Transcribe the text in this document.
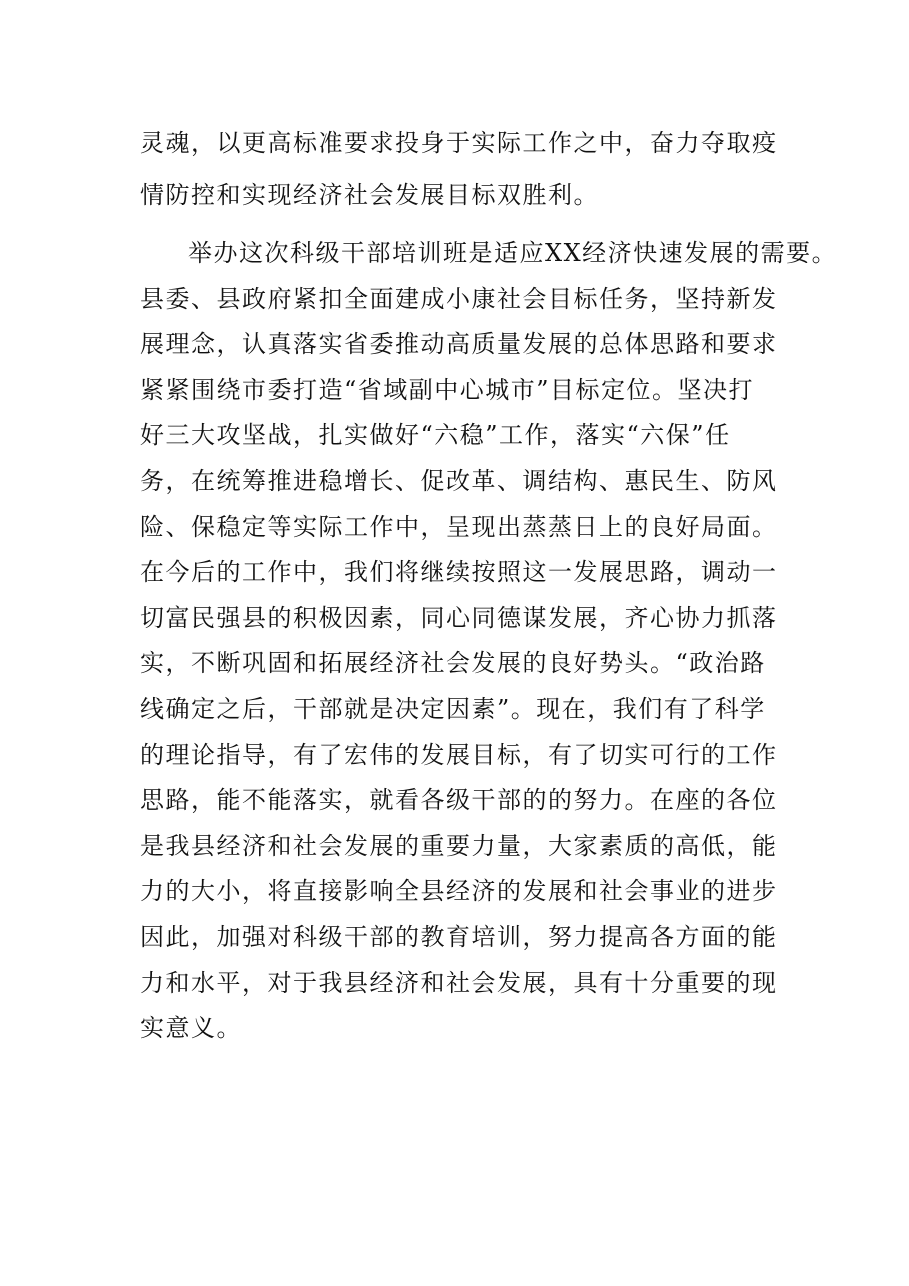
灵魂，以更高标准要求投身于实际工作之中，奋力夺取疫
情防控和实现经济社会发展目标双胜利。
举办这次科级干部培训班是适应XX经济快速发展的需要。
县委、县政府紧扣全面建成小康社会目标任务，坚持新发
展理念，认真落实省委推动高质量发展的总体思路和要求
紧紧围绕市委打造“省域副中心城市”目标定位。坚决打
好三大攻坚战，扎实做好“六稳”工作，落实“六保”任
务，在统筹推进稳增长、促改革、调结构、惠民生、防风
险、保稳定等实际工作中，呈现出蒸蒸日上的良好局面。
在今后的工作中，我们将继续按照这一发展思路，调动一
切富民强县的积极因素，同心同德谋发展，齐心协力抓落
实，不断巩固和拓展经济社会发展的良好势头。“政治路
线确定之后，干部就是决定因素”。现在，我们有了科学
的理论指导，有了宏伟的发展目标，有了切实可行的工作
思路，能不能落实，就看各级干部的的努力。在座的各位
是我县经济和社会发展的重要力量，大家素质的高低，能
力的大小，将直接影响全县经济的发展和社会事业的进步
因此，加强对科级干部的教育培训，努力提高各方面的能
力和水平，对于我县经济和社会发展，具有十分重要的现
实意义。
